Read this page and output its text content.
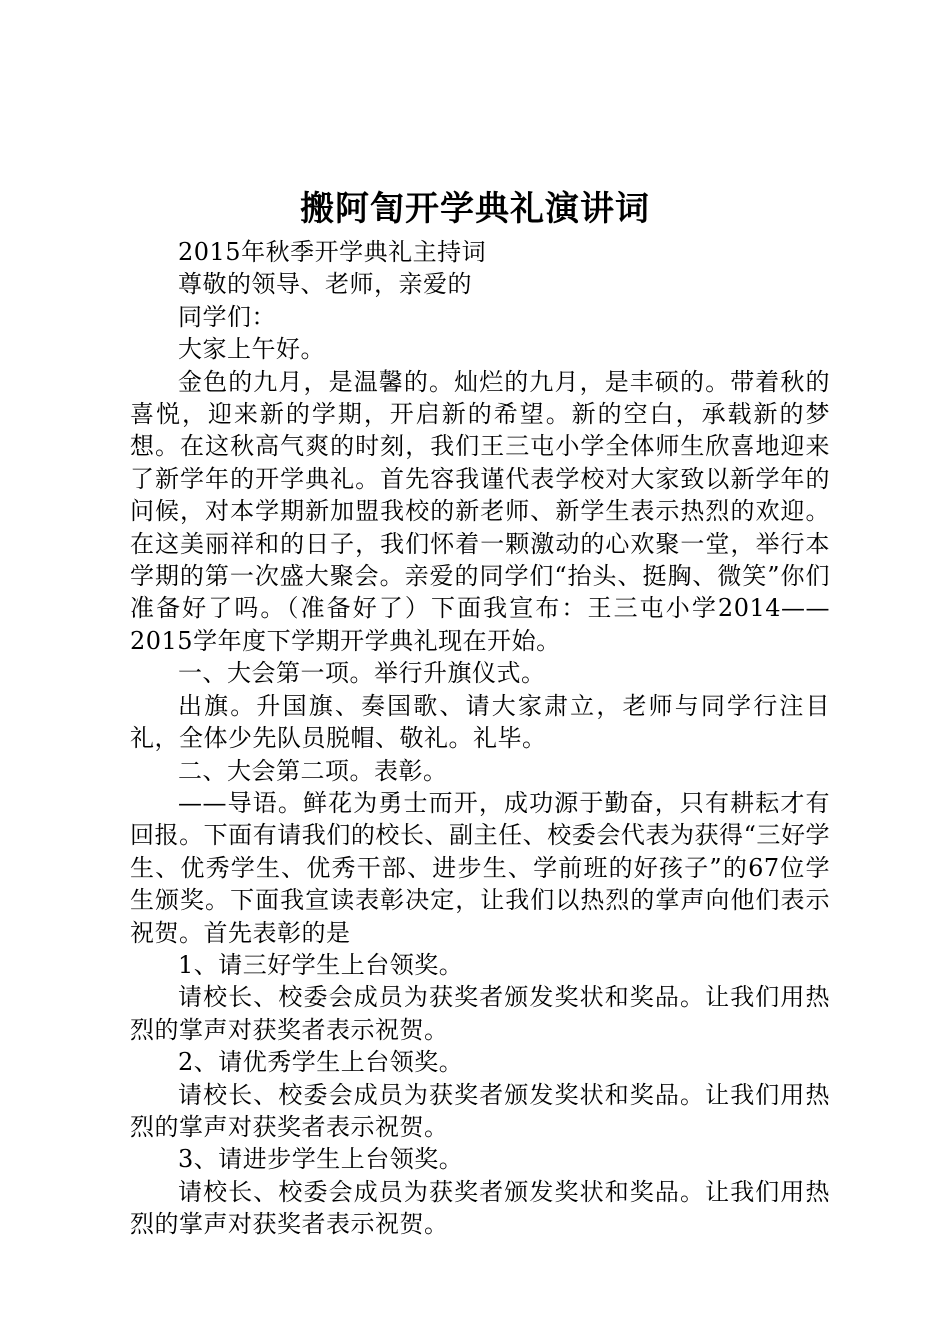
搬阿訇开学典礼演讲词

2015年秋季开学典礼主持词

尊敬的领导、老师，亲爱的

同学们：

大家上午好。

金色的九月，是温馨的。灿烂的九月，是丰硕的。带着秋的喜悦，迎来新的学期，开启新的希望。新的空白，承载新的梦想。在这秋高气爽的时刻，我们王三屯小学全体师生欣喜地迎来了新学年的开学典礼。首先容我谨代表学校对大家致以新学年的问候，对本学期新加盟我校的新老师、新学生表示热烈的欢迎。在这美丽祥和的日子，我们怀着一颗激动的心欢聚一堂，举行本学期的第一次盛大聚会。亲爱的同学们“抬头、挺胸、微笑”你们准备好了吗。（准备好了）下面我宣布：王三屯小学2014——2015学年度下学期开学典礼现在开始。

一、大会第一项。举行升旗仪式。

出旗。升国旗、奏国歌、请大家肃立，老师与同学行注目礼，全体少先队员脱帽、敬礼。礼毕。

二、大会第二项。表彰。

——导语。鲜花为勇士而开，成功源于勤奋，只有耕耘才有回报。下面有请我们的校长、副主任、校委会代表为获得“三好学生、优秀学生、优秀干部、进步生、学前班的好孩子”的67位学生颁奖。下面我宣读表彰决定，让我们以热烈的掌声向他们表示祝贺。首先表彰的是

1、请三好学生上台领奖。

请校长、校委会成员为获奖者颁发奖状和奖品。让我们用热烈的掌声对获奖者表示祝贺。

2、请优秀学生上台领奖。

请校长、校委会成员为获奖者颁发奖状和奖品。让我们用热烈的掌声对获奖者表示祝贺。

3、请进步学生上台领奖。

请校长、校委会成员为获奖者颁发奖状和奖品。让我们用热烈的掌声对获奖者表示祝贺。
